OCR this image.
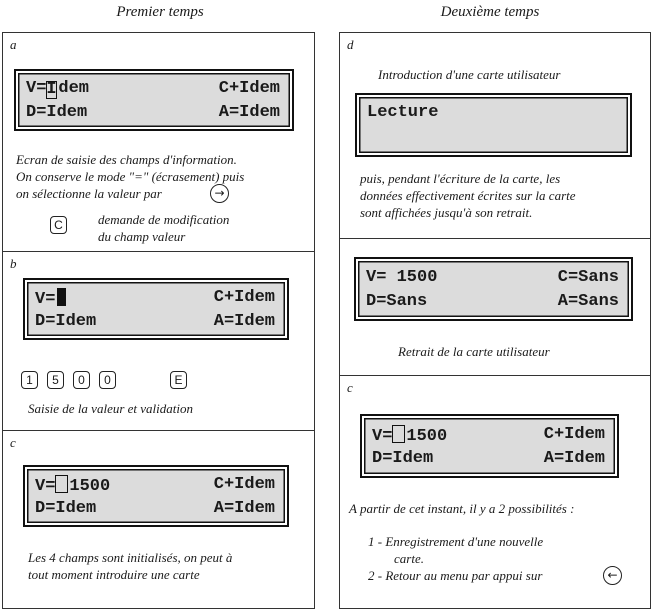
Premier temps	Deuxième temps
a
V=I dem	C+Idem
D=Idem	A=Idem
Ecran de saisie des champs d'information.
On conserve le mode "=" (écrasement) puis
on sélectionne la valeur par	→
C	demande de modification
du champ valeur
b
V=	C+Idem
D=Idem	A=Idem
1 5 0 0	E
Saisie de la valeur et validation
c
V= 1500	C+Idem
D=Idem	A=Idem
Les 4 champs sont initialisés, on peut à
tout moment introduire une carte
d
Introduction d'une carte utilisateur
Lecture
puis, pendant l'écriture de la carte, les
données effectivement écrites sur la carte
sont affichées jusqu'à son retrait.
V= 1500	C=Sans
D=Sans	A=Sans
Retrait de la carte utilisateur
c
V= 1500	C+Idem
D=Idem	A=Idem
A partir de cet instant, il y a 2 possibilités :
1 - Enregistrement d'une nouvelle
carte.
2 - Retour au menu par appui sur	←
